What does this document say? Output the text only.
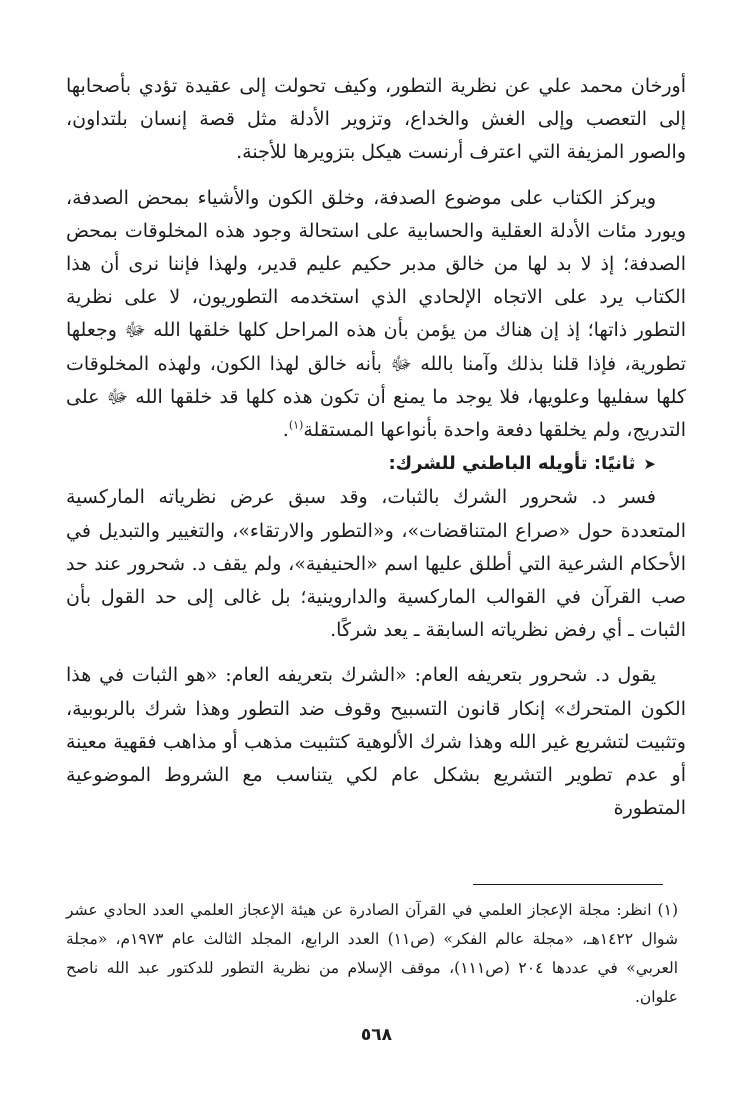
أورخان محمد علي عن نظرية التطور، وكيف تحولت إلى عقيدة تؤدي بأصحابها إلى التعصب وإلى الغش والخداع، وتزوير الأدلة مثل قصة إنسان بلتداون، والصور المزيفة التي اعترف أرنست هيكل بتزويرها للأجنة.

ويركز الكتاب على موضوع الصدفة، وخلق الكون والأشياء بمحض الصدفة، ويورد مئات الأدلة العقلية والحسابية على استحالة وجود هذه المخلوقات بمحض الصدفة؛ إذ لا بد لها من خالق مدبر حكيم عليم قدير، ولهذا فإننا نرى أن هذا الكتاب يرد على الاتجاه الإلحادي الذي استخدمه التطوريون، لا على نظرية التطور ذاتها؛ إذ إن هناك من يؤمن بأن هذه المراحل كلها خلقها الله ﷻ وجعلها تطورية، فإذا قلنا بذلك وآمنا بالله ﷻ بأنه خالق لهذا الكون، ولهذه المخلوقات كلها سفليها وعلويها، فلا يوجد ما يمنع أن تكون هذه كلها قد خلقها الله ﷻ على التدريج، ولم يخلقها دفعة واحدة بأنواعها المستقلة$^{(١)}$.

➤ثانيًا: تأويله الباطني للشرك:

فسر د. شحرور الشرك بالثبات، وقد سبق عرض نظرياته الماركسية المتعددة حول «صراع المتناقضات»، و«التطور والارتقاء»، والتغيير والتبديل في الأحكام الشرعية التي أطلق عليها اسم «الحنيفية»، ولم يقف د. شحرور عند حد صب القرآن في القوالب الماركسية والداروينية؛ بل غالى إلى حد القول بأن الثبات ـ أي رفض نظرياته السابقة ـ يعد شركًا.

يقول د. شحرور بتعريفه العام: «الشرك بتعريفه العام: «هو الثبات في هذا الكون المتحرك» إنكار قانون التسبيح وقوف ضد التطور وهذا شرك بالربوبية، وتثبيت لتشريع غير الله وهذا شرك الألوهية كتثبيت مذهب أو مذاهب فقهية معينة أو عدم تطوير التشريع بشكل عام لكي يتناسب مع الشروط الموضوعية المتطورة

(١)انظر: مجلة الإعجاز العلمي في القرآن الصادرة عن هيئة الإعجاز العلمي العدد الحادي عشر شوال ١٤٢٢هـ، «مجلة عالم الفكر» (ص١١) العدد الرابع، المجلد الثالث عام ١٩٧٣م، «مجلة العربي» في عددها ٢٠٤ (ص١١١)، موقف الإسلام من نظرية التطور للدكتور عبد الله ناصح علوان.
٥٦٨
